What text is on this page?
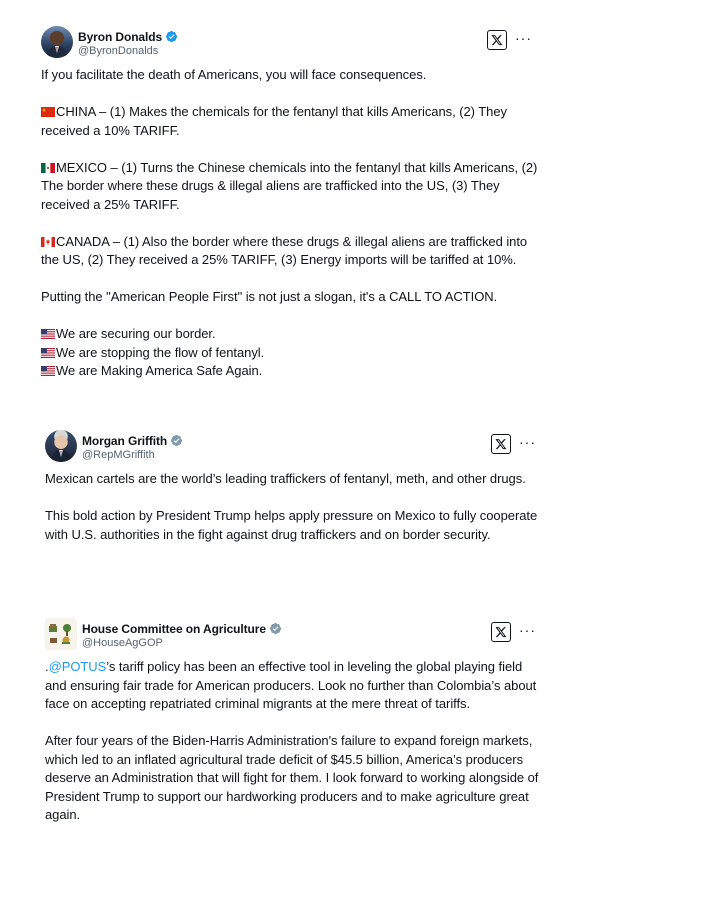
Byron Donalds
@ByronDonalds
···

If you facilitate the death of Americans, you will face consequences.

CHINA – (1) Makes the chemicals for the fentanyl that kills Americans, (2) They received a 10% TARIFF.

MEXICO – (1) Turns the Chinese chemicals into the fentanyl that kills Americans, (2) The border where these drugs & illegal aliens are trafficked into the US, (3) They received a 25% TARIFF.

CANADA – (1) Also the border where these drugs & illegal aliens are trafficked into the US, (2) They received a 25% TARIFF, (3) Energy imports will be tariffed at 10%.

Putting the "American People First" is not just a slogan, it's a CALL TO ACTION.

We are securing our border.
We are stopping the flow of fentanyl.
We are Making America Safe Again.

Morgan Griffith
@RepMGriffith
···

Mexican cartels are the world’s leading traffickers of fentanyl, meth, and other drugs.

This bold action by President Trump helps apply pressure on Mexico to fully cooperate with U.S. authorities in the fight against drug traffickers and on border security.

House Committee on Agriculture
@HouseAgGOP
···

.@POTUS’s tariff policy has been an effective tool in leveling the global playing field and ensuring fair trade for American producers. Look no further than Colombia’s about face on accepting repatriated criminal migrants at the mere threat of tariffs.

After four years of the Biden-Harris Administration's failure to expand foreign markets, which led to an inflated agricultural trade deficit of $45.5 billion, America’s producers deserve an Administration that will fight for them. I look forward to working alongside of President Trump to support our hardworking producers and to make agriculture great again.
